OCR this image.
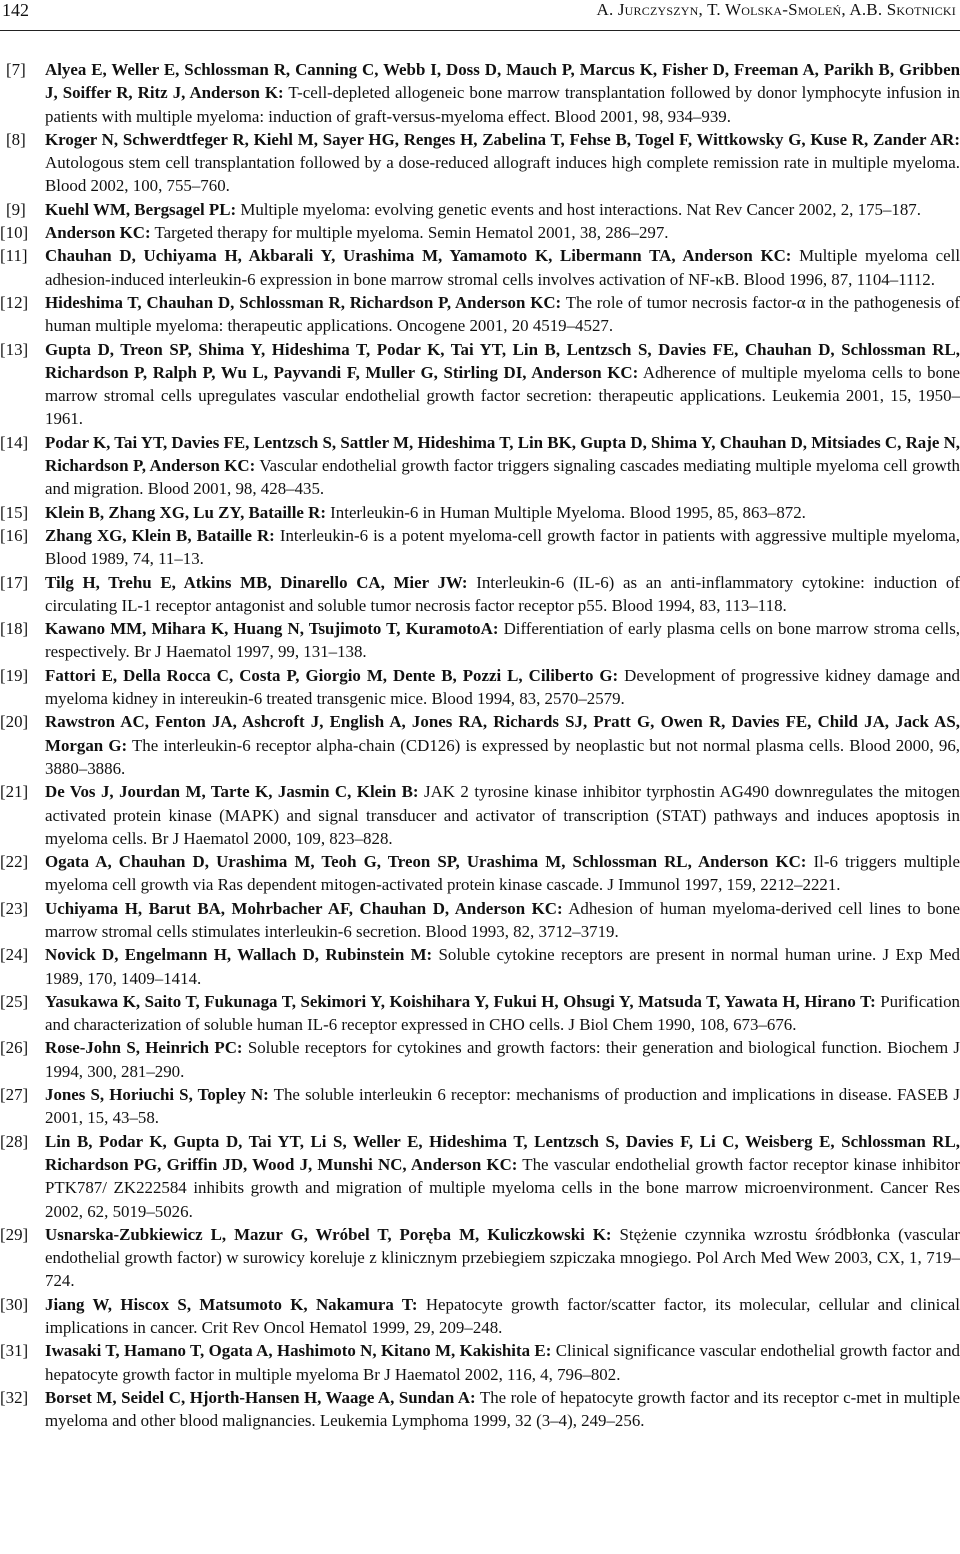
142	A. Jurczyszyn, T. Wolska-Smoleń, A.B. Skotnicki
[7] Alyea E, Weller E, Schlossman R, Canning C, Webb I, Doss D, Mauch P, Marcus K, Fisher D, Freeman A, Parikh B, Gribben J, Soiffer R, Ritz J, Anderson K: T-cell-depleted allogeneic bone marrow transplantation followed by donor lymphocyte infusion in patients with multiple myeloma: induction of graft-versus-myeloma effect. Blood 2001, 98, 934–939.
[8] Kroger N, Schwerdtfeger R, Kiehl M, Sayer HG, Renges H, Zabelina T, Fehse B, Togel F, Wittkowsky G, Kuse R, Zander AR: Autologous stem cell transplantation followed by a dose-reduced allograft induces high complete remission rate in multiple myeloma. Blood 2002, 100, 755–760.
[9] Kuehl WM, Bergsagel PL: Multiple myeloma: evolving genetic events and host interactions. Nat Rev Cancer 2002, 2, 175–187.
[10] Anderson KC: Targeted therapy for multiple myeloma. Semin Hematol 2001, 38, 286–297.
[11] Chauhan D, Uchiyama H, Akbarali Y, Urashima M, Yamamoto K, Libermann TA, Anderson KC: Multiple myeloma cell adhesion-induced interleukin-6 expression in bone marrow stromal cells involves activation of NF-κB. Blood 1996, 87, 1104–1112.
[12] Hideshima T, Chauhan D, Schlossman R, Richardson P, Anderson KC: The role of tumor necrosis factor-α in the pathogenesis of human multiple myeloma: therapeutic applications. Oncogene 2001, 20 4519–4527.
[13] Gupta D, Treon SP, Shima Y, Hideshima T, Podar K, Tai YT, Lin B, Lentzsch S, Davies FE, Chauhan D, Schlossman RL, Richardson P, Ralph P, Wu L, Payvandi F, Muller G, Stirling DI, Anderson KC: Adherence of multiple myeloma cells to bone marrow stromal cells upregulates vascular endothelial growth factor secretion: therapeutic applications. Leukemia 2001, 15, 1950–1961.
[14] Podar K, Tai YT, Davies FE, Lentzsch S, Sattler M, Hideshima T, Lin BK, Gupta D, Shima Y, Chauhan D, Mitsiades C, Raje N, Richardson P, Anderson KC: Vascular endothelial growth factor triggers signaling cascades mediating multiple myeloma cell growth and migration. Blood 2001, 98, 428–435.
[15] Klein B, Zhang XG, Lu ZY, Bataille R: Interleukin-6 in Human Multiple Myeloma. Blood 1995, 85, 863–872.
[16] Zhang XG, Klein B, Bataille R: Interleukin-6 is a potent myeloma-cell growth factor in patients with aggressive multiple myeloma, Blood 1989, 74, 11–13.
[17] Tilg H, Trehu E, Atkins MB, Dinarello CA, Mier JW: Interleukin-6 (IL-6) as an anti-inflammatory cytokine: induction of circulating IL-1 receptor antagonist and soluble tumor necrosis factor receptor p55. Blood 1994, 83, 113–118.
[18] Kawano MM, Mihara K, Huang N, Tsujimoto T, KuramotoA: Differentiation of early plasma cells on bone marrow stroma cells, respectively. Br J Haematol 1997, 99, 131–138.
[19] Fattori E, Della Rocca C, Costa P, Giorgio M, Dente B, Pozzi L, Ciliberto G: Development of progressive kidney damage and myeloma kidney in intereukin-6 treated transgenic mice. Blood 1994, 83, 2570–2579.
[20] Rawstron AC, Fenton JA, Ashcroft J, English A, Jones RA, Richards SJ, Pratt G, Owen R, Davies FE, Child JA, Jack AS, Morgan G: The interleukin-6 receptor alpha-chain (CD126) is expressed by neoplastic but not normal plasma cells. Blood 2000, 96, 3880–3886.
[21] De Vos J, Jourdan M, Tarte K, Jasmin C, Klein B: JAK 2 tyrosine kinase inhibitor tyrphostin AG490 downregulates the mitogen activated protein kinase (MAPK) and signal transducer and activator of transcription (STAT) pathways and induces apoptosis in myeloma cells. Br J Haematol 2000, 109, 823–828.
[22] Ogata A, Chauhan D, Urashima M, Teoh G, Treon SP, Urashima M, Schlossman RL, Anderson KC: Il-6 triggers multiple myeloma cell growth via Ras dependent mitogen-activated protein kinase cascade. J Immunol 1997, 159, 2212–2221.
[23] Uchiyama H, Barut BA, Mohrbacher AF, Chauhan D, Anderson KC: Adhesion of human myeloma-derived cell lines to bone marrow stromal cells stimulates interleukin-6 secretion. Blood 1993, 82, 3712–3719.
[24] Novick D, Engelmann H, Wallach D, Rubinstein M: Soluble cytokine receptors are present in normal human urine. J Exp Med 1989, 170, 1409–1414.
[25] Yasukawa K, Saito T, Fukunaga T, Sekimori Y, Koishihara Y, Fukui H, Ohsugi Y, Matsuda T, Yawata H, Hirano T: Purification and characterization of soluble human IL-6 receptor expressed in CHO cells. J Biol Chem 1990, 108, 673–676.
[26] Rose-John S, Heinrich PC: Soluble receptors for cytokines and growth factors: their generation and biological function. Biochem J 1994, 300, 281–290.
[27] Jones S, Horiuchi S, Topley N: The soluble interleukin 6 receptor: mechanisms of production and implications in disease. FASEB J 2001, 15, 43–58.
[28] Lin B, Podar K, Gupta D, Tai YT, Li S, Weller E, Hideshima T, Lentzsch S, Davies F, Li C, Weisberg E, Schlossman RL, Richardson PG, Griffin JD, Wood J, Munshi NC, Anderson KC: The vascular endothelial growth factor receptor kinase inhibitor PTK787/ ZK222584 inhibits growth and migration of multiple myeloma cells in the bone marrow microenvironment. Cancer Res 2002, 62, 5019–5026.
[29] Usnarska-Zubkiewicz L, Mazur G, Wróbel T, Poręba M, Kuliczkowski K: Stężenie czynnika wzrostu śródbłonka (vascular endothelial growth factor) w surowicy koreluje z klinicznym przebiegiem szpiczaka mnogiego. Pol Arch Med Wew 2003, CX, 1, 719–724.
[30] Jiang W, Hiscox S, Matsumoto K, Nakamura T: Hepatocyte growth factor/scatter factor, its molecular, cellular and clinical implications in cancer. Crit Rev Oncol Hematol 1999, 29, 209–248.
[31] Iwasaki T, Hamano T, Ogata A, Hashimoto N, Kitano M, Kakishita E: Clinical significance vascular endothelial growth factor and hepatocyte growth factor in multiple myeloma Br J Haematol 2002, 116, 4, 796–802.
[32] Borset M, Seidel C, Hjorth-Hansen H, Waage A, Sundan A: The role of hepatocyte growth factor and its receptor c-met in multiple myeloma and other blood malignancies. Leukemia Lymphoma 1999, 32 (3–4), 249–256.
